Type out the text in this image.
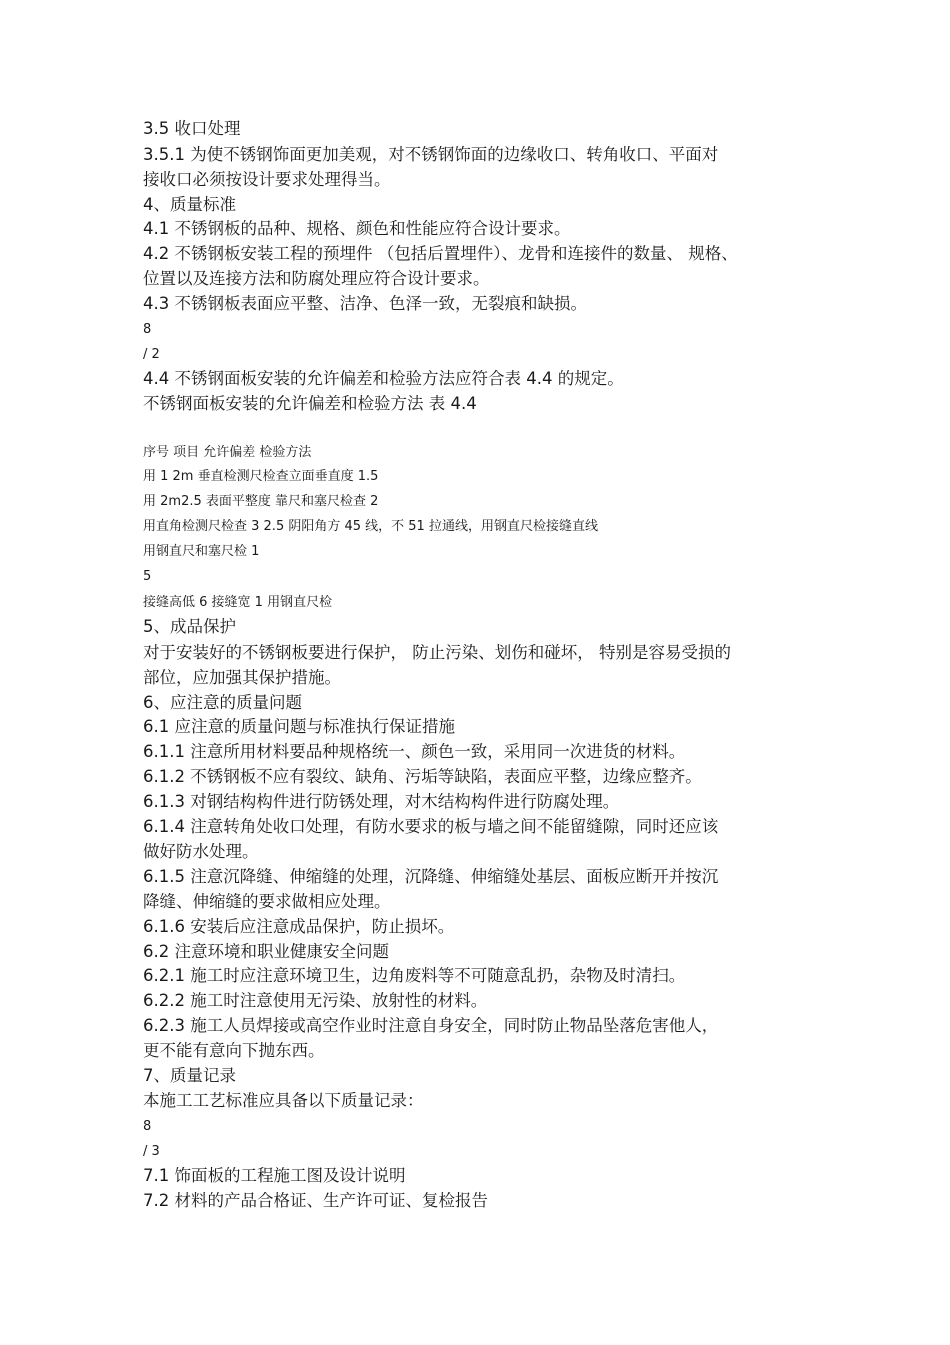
3.5 收口处理
3.5.1 为使不锈钢饰面更加美观，对不锈钢饰面的边缘收口、转角收口、平面对
接收口必须按设计要求处理得当。
4、质量标准
4.1 不锈钢板的品种、规格、颜色和性能应符合设计要求。
4.2 不锈钢板安装工程的预埋件 （包括后置埋件）、龙骨和连接件的数量、 规格、
位置以及连接方法和防腐处理应符合设计要求。
4.3 不锈钢板表面应平整、洁净、色泽一致，无裂痕和缺损。
8
/ 2
4.4 不锈钢面板安装的允许偏差和检验方法应符合表 4.4 的规定。
不锈钢面板安装的允许偏差和检验方法 表 4.4
序号 项目 允许偏差 检验方法
用 1 2m 垂直检测尺检查立面垂直度 1.5
用 2m2.5 表面平整度 靠尺和塞尺检查 2
用直角检测尺检查 3 2.5 阴阳角方 45 线，不 51 拉通线，用钢直尺检接缝直线
用钢直尺和塞尺检 1
5
接缝高低 6 接缝宽 1 用钢直尺检
5、成品保护
对于安装好的不锈钢板要进行保护， 防止污染、划伤和碰坏， 特别是容易受损的
部位，应加强其保护措施。
6、应注意的质量问题
6.1 应注意的质量问题与标准执行保证措施
6.1.1 注意所用材料要品种规格统一、颜色一致，采用同一次进货的材料。
6.1.2 不锈钢板不应有裂纹、缺角、污垢等缺陷，表面应平整，边缘应整齐。
6.1.3 对钢结构构件进行防锈处理，对木结构构件进行防腐处理。
6.1.4 注意转角处收口处理，有防水要求的板与墙之间不能留缝隙，同时还应该
做好防水处理。
6.1.5 注意沉降缝、伸缩缝的处理，沉降缝、伸缩缝处基层、面板应断开并按沉
降缝、伸缩缝的要求做相应处理。
6.1.6 安装后应注意成品保护，防止损坏。
6.2 注意环境和职业健康安全问题
6.2.1 施工时应注意环境卫生，边角废料等不可随意乱扔，杂物及时清扫。
6.2.2 施工时注意使用无污染、放射性的材料。
6.2.3 施工人员焊接或高空作业时注意自身安全，同时防止物品坠落危害他人，
更不能有意向下抛东西。
7、质量记录
本施工工艺标准应具备以下质量记录：
8
/ 3
7.1 饰面板的工程施工图及设计说明
7.2 材料的产品合格证、生产许可证、复检报告
